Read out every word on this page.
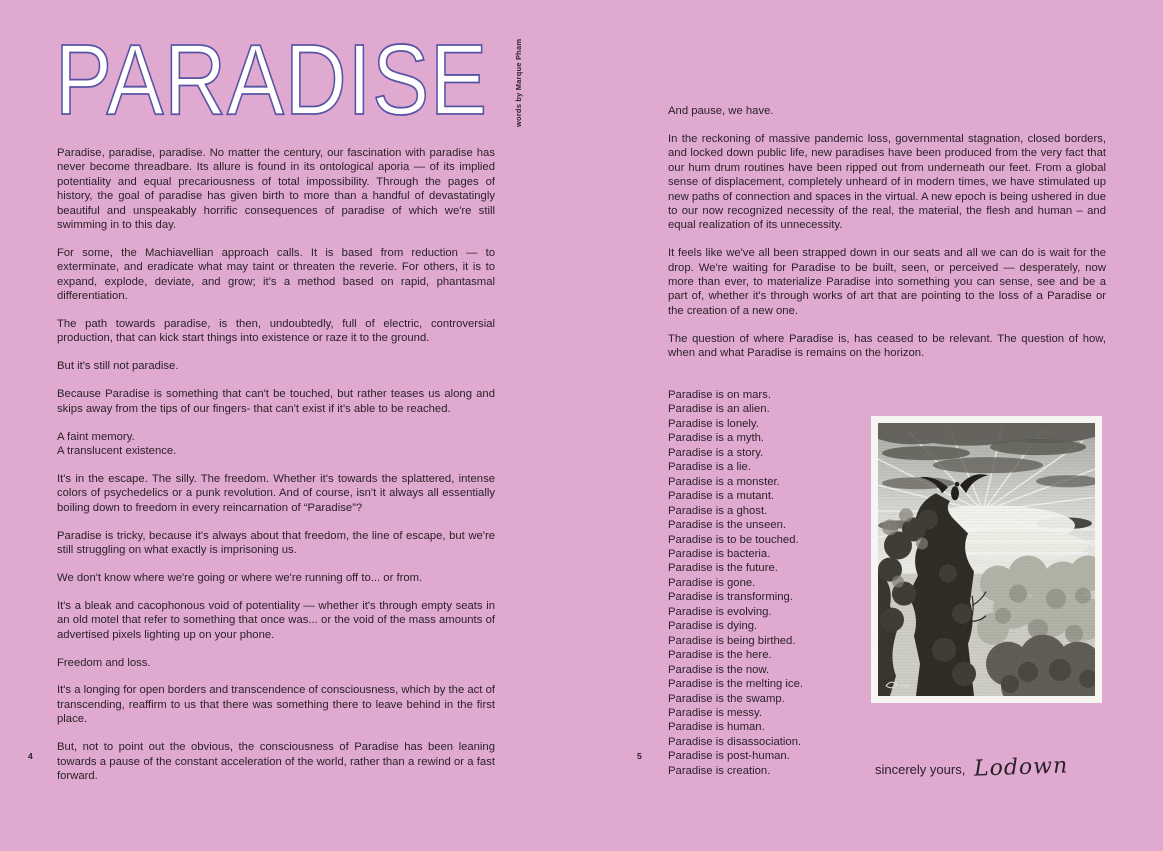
PARADISE	words by Marque Pham

Paradise, paradise, paradise. No matter the century, our fascination with paradise has never become threadbare. Its allure is found in its ontological aporia — of its implied potentiality and equal precariousness of total impossibility. Through the pages of history, the goal of paradise has given birth to more than a handful of devastatingly beautiful and unspeakably horrific consequences of paradise of which we're still swimming in to this day.

For some, the Machiavellian approach calls. It is based from reduction — to exterminate, and eradicate what may taint or threaten the reverie. For others, it is to expand, explode, deviate, and grow; it's a method based on rapid, phantasmal differentiation.

The path towards paradise, is then, undoubtedly, full of electric, controversial production, that can kick start things into existence or raze it to the ground.

But it's still not paradise.

Because Paradise is something that can't be touched, but rather teases us along and skips away from the tips of our fingers- that can't exist if it's able to be reached.

A faint memory.
A translucent existence.

It's in the escape. The silly. The freedom. Whether it's towards the splattered, intense colors of psychedelics or a punk revolution. And of course, isn't it always all essentially boiling down to freedom in every reincarnation of “Paradise”?

Paradise is tricky, because it's always about that freedom, the line of escape, but we're still struggling on what exactly is imprisoning us.

We don't know where we're going or where we're running off to... or from.

It's a bleak and cacophonous void of potentiality — whether it's through empty seats in an old motel that refer to something that once was... or the void of the mass amounts of advertised pixels lighting up on your phone.

Freedom and loss.

It's a longing for open borders and transcendence of consciousness, which by the act of transcending, reaffirm to us that there was something there to leave behind in the first place.

But, not to point out the obvious, the consciousness of Paradise has been leaning towards a pause of the constant acceleration of the world, rather than a rewind or a fast forward.

4

And pause, we have.

In the reckoning of massive pandemic loss, governmental stagnation, closed borders, and locked down public life, new paradises have been produced from the very fact that our hum drum routines have been ripped out from underneath our feet. From a global sense of displacement, completely unheard of in modern times, we have stimulated up new paths of connection and spaces in the virtual. A new epoch is being ushered in due to our now recognized necessity of the real, the material, the flesh and human – and equal realization of its unnecessity.

It feels like we've all been strapped down in our seats and all we can do is wait for the drop. We're waiting for Paradise to be built, seen, or perceived — desperately, now more than ever, to materialize Paradise into something you can sense, see and be a part of, whether it's through works of art that are pointing to the loss of a Paradise or the creation of a new one.

The question of where Paradise is, has ceased to be relevant. The question of how, when and what Paradise is remains on the horizon.

Paradise is on mars.
Paradise is an alien.
Paradise is lonely.
Paradise is a myth.
Paradise is a story.
Paradise is a lie.
Paradise is a monster.
Paradise is a mutant.
Paradise is a ghost.
Paradise is the unseen.
Paradise is to be touched.
Paradise is bacteria.
Paradise is the future.
Paradise is gone.
Paradise is transforming.
Paradise is evolving.
Paradise is dying.
Paradise is being birthed.
Paradise is the here.
Paradise is the now.
Paradise is the melting ice.
Paradise is the swamp.
Paradise is messy.
Paradise is human.
Paradise is disassociation.
Paradise is post-human.
Paradise is creation.	sincerely yours, Lodown
5
